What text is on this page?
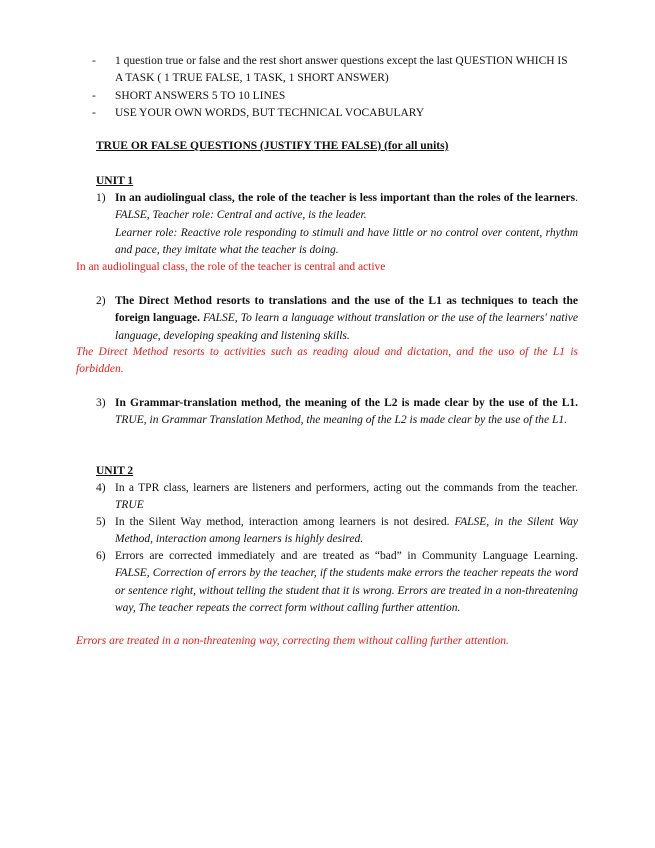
- 1 question true or false and the rest short answer questions except the last QUESTION WHICH IS A TASK ( 1 TRUE FALSE, 1 TASK, 1 SHORT ANSWER)
- SHORT ANSWERS 5 TO 10 LINES
- USE YOUR OWN WORDS, BUT TECHNICAL VOCABULARY
TRUE OR FALSE QUESTIONS (JUSTIFY THE FALSE) (for all units)
UNIT 1
1) In an audiolingual class, the role of the teacher is less important than the roles of the learners. FALSE, Teacher role: Central and active, is the leader.
Learner role: Reactive role responding to stimuli and have little or no control over content, rhythm and pace, they imitate what the teacher is doing.
In an audiolingual class, the role of the teacher is central and active
2) The Direct Method resorts to translations and the use of the L1 as techniques to teach the foreign language. FALSE, To learn a language without translation or the use of the learners' native language, developing speaking and listening skills.
The Direct Method resorts to activities such as reading aloud and dictation, and the uso of the L1 is forbidden.
3) In Grammar-translation method, the meaning of the L2 is made clear by the use of the L1. TRUE, in Grammar Translation Method, the meaning of the L2 is made clear by the use of the L1.
UNIT 2
4) In a TPR class, learners are listeners and performers, acting out the commands from the teacher. TRUE
5) In the Silent Way method, interaction among learners is not desired. FALSE, in the Silent Way Method, interaction among learners is highly desired.
6) Errors are corrected immediately and are treated as “bad” in Community Language Learning. FALSE, Correction of errors by the teacher, if the students make errors the teacher repeats the word or sentence right, without telling the student that it is wrong. Errors are treated in a non-threatening way, The teacher repeats the correct form without calling further attention.
Errors are treated in a non-threatening way, correcting them without calling further attention.
